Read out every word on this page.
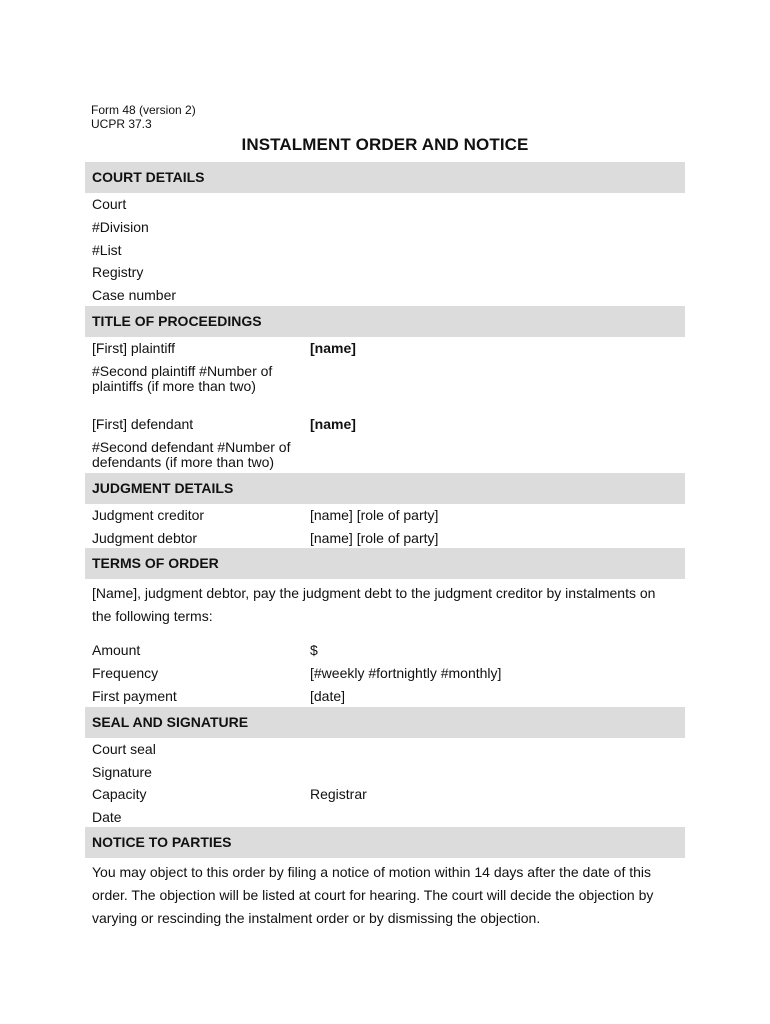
Form 48 (version 2)
UCPR 37.3
INSTALMENT ORDER AND NOTICE
COURT DETAILS
Court
#Division
#List
Registry
Case number
TITLE OF PROCEEDINGS
[First] plaintiff	[name]
#Second plaintiff #Number of
plaintiffs (if more than two)
[First] defendant	[name]
#Second defendant #Number of
defendants (if more than two)
JUDGMENT DETAILS
Judgment creditor	[name] [role of party]
Judgment debtor	[name] [role of party]
TERMS OF ORDER
[Name], judgment debtor, pay the judgment debt to the judgment creditor by instalments on
the following terms:
Amount	$
Frequency	[#weekly #fortnightly #monthly]
First payment	[date]
SEAL AND SIGNATURE
Court seal
Signature
Capacity	Registrar
Date
NOTICE TO PARTIES
You may object to this order by filing a notice of motion within 14 days after the date of this
order. The objection will be listed at court for hearing. The court will decide the objection by
varying or rescinding the instalment order or by dismissing the objection.
